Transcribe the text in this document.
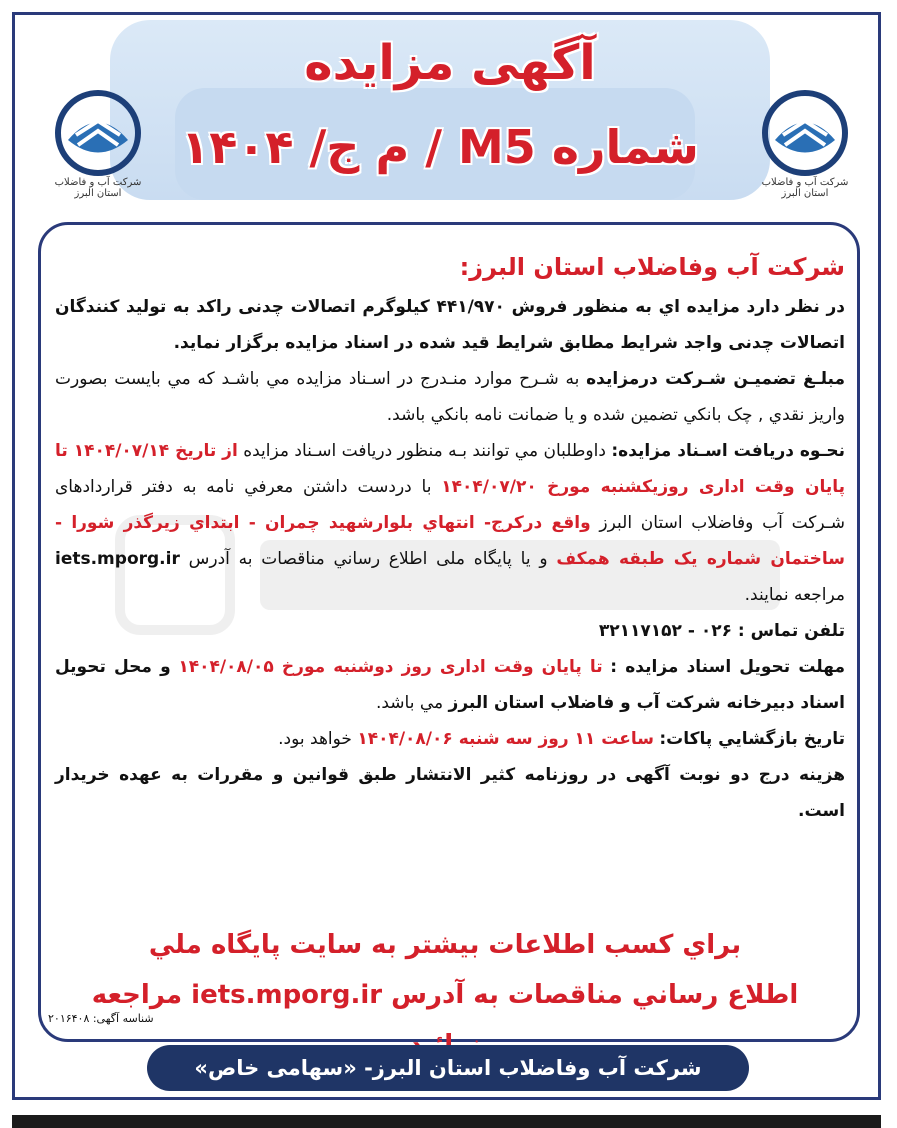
آگهی مزایده
شماره M5 / م ج/ ۱۴۰۴
شرکت آب و فاضلاب استان البرز
شرکت آب و فاضلاب استان البرز

شرکت آب وفاضلاب استان البرز:

در نظر دارد مزایده اي به منظور فروش ۴۴۱/۹۷۰ کیلوگرم اتصالات چدنی راکد به تولید کنندگان اتصالات چدنی واجد شرایط مطابق شرایط قید شده در اسناد مزایده برگزار نماید.

مبلـغ تضمیـن شـرکت درمزایده به شـرح موارد منـدرج در اسـناد مزایده مي باشـد که مي بايست بصورت واريز نقدي , چک بانکي تضمين شده و يا ضمانت نامه بانکي باشد.

نحـوه دریافت اسـناد مزایده: داوطلبان مي توانند بـه منظور دريافت اسـناد مزایده از تاریخ ۱۴۰۴/۰۷/۱۴ تا پایان وقت اداری روزیکشنبه مورخ ۱۴۰۴/۰۷/۲۰ با دردست داشتن معرفي نامه به دفتر قراردادهای شـرکت آب وفاضلاب استان البرز واقع درکرج- انتهاي بلوارشهید چمران - ابتداي زيرگذر شورا - ساختمان شماره يک طبقه همکف و يا پايگاه ملی اطلاع رساني مناقصات به آدرس iets.mporg.ir مراجعه نمایند.

تلفن تماس : ۰۲۶ - ۳۲۱۱۷۱۵۲

مهلت تحویل اسناد مزایده : تا پایان وقت اداری روز دوشنبه مورخ ۱۴۰۴/۰۸/۰۵ و محل تحويل اسناد دبیرخانه شرکت آب و فاضلاب استان البرز مي باشد.

تاريخ بازگشايي پاكات: ساعت ۱۱ روز سه شنبه ۱۴۰۴/۰۸/۰۶ خواهد بود.

هزینه درج دو نوبت آگهی در روزنامه کثیر الانتشار طبق قوانین و مقررات به عهده خریدار است.

براي كسب اطلاعات بيشتر به سايت پايگاه ملي
اطلاع رساني مناقصات به آدرس iets.mporg.ir مراجعه
شناسه آگهی: ۲۰۱۶۴۰۸
شرکت آب وفاضلاب استان البرز- «سهامی خاص»
